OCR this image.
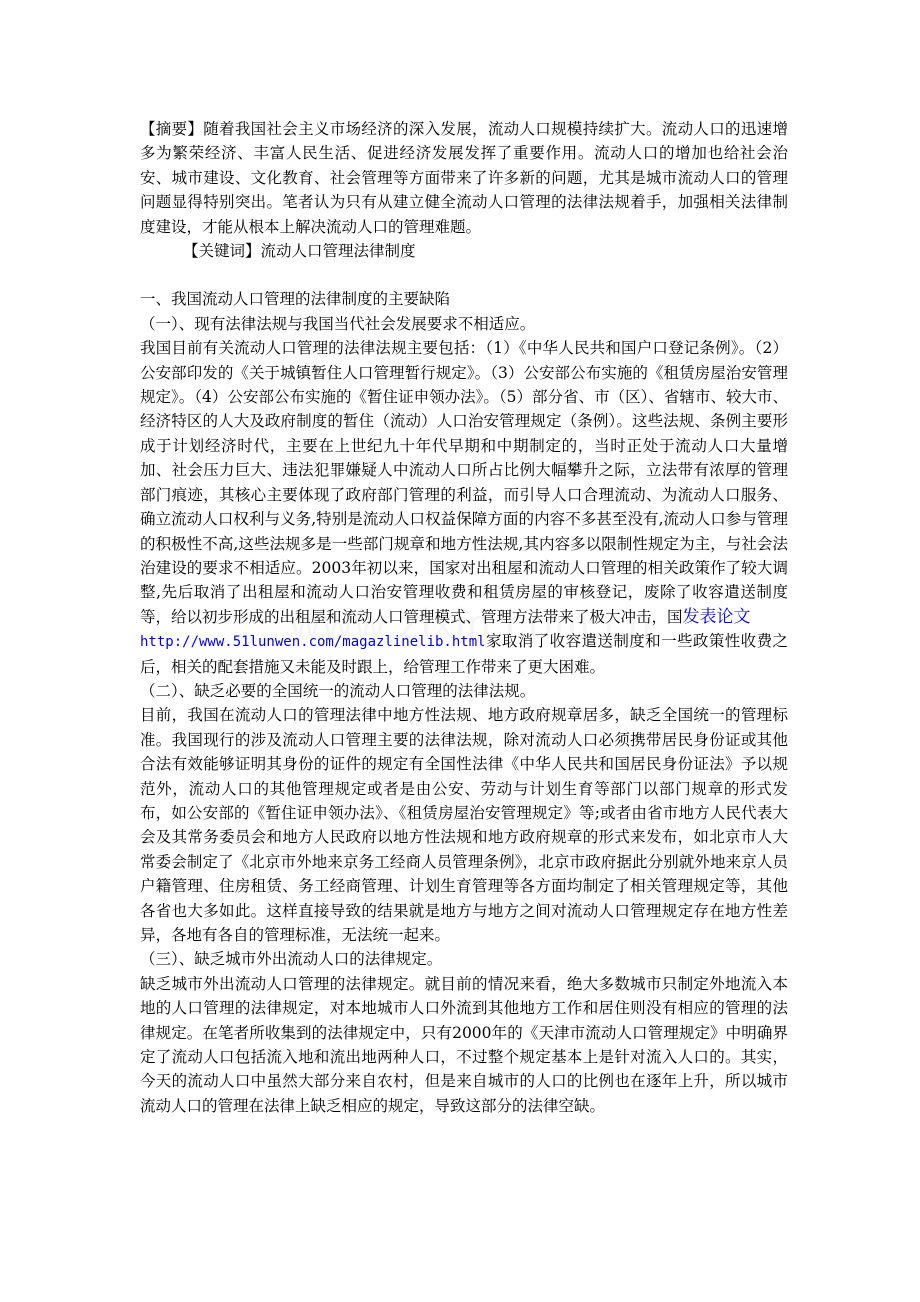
【摘要】随着我国社会主义市场经济的深入发展，流动人口规模持续扩大。流动人口的迅速增多为繁荣经济、丰富人民生活、促进经济发展发挥了重要作用。流动人口的增加也给社会治安、城市建设、文化教育、社会管理等方面带来了许多新的问题，尤其是城市流动人口的管理问题显得特别突出。笔者认为只有从建立健全流动人口管理的法律法规着手，加强相关法律制度建设，才能从根本上解决流动人口的管理难题。

【关键词】流动人口管理法律制度

一、我国流动人口管理的法律制度的主要缺陷

（一）、现有法律法规与我国当代社会发展要求不相适应。

我国目前有关流动人口管理的法律法规主要包括：（1）《中华人民共和国户口登记条例》。（2）公安部印发的《关于城镇暂住人口管理暂行规定》。（3）公安部公布实施的《租赁房屋治安管理规定》。（4）公安部公布实施的《暂住证申领办法》。（5）部分省、市（区）、省辖市、较大市、经济特区的人大及政府制度的暂住（流动）人口治安管理规定（条例）。这些法规、条例主要形成于计划经济时代，主要在上世纪九十年代早期和中期制定的，当时正处于流动人口大量增加、社会压力巨大、违法犯罪嫌疑人中流动人口所占比例大幅攀升之际，立法带有浓厚的管理部门痕迹，其核心主要体现了政府部门管理的利益，而引导人口合理流动、为流动人口服务、确立流动人口权利与义务,特别是流动人口权益保障方面的内容不多甚至没有,流动人口参与管理的积极性不高,这些法规多是一些部门规章和地方性法规,其内容多以限制性规定为主，与社会法治建设的要求不相适应。2003年初以来，国家对出租屋和流动人口管理的相关政策作了较大调整,先后取消了出租屋和流动人口治安管理收费和租赁房屋的审核登记，废除了收容遣送制度等，给以初步形成的出租屋和流动人口管理模式、管理方法带来了极大冲击，国发表论文
http://www.51lunwen.com/magazlinelib.html家取消了收容遣送制度和一些政策性收费之后，相关的配套措施又未能及时跟上，给管理工作带来了更大困难。

（二）、缺乏必要的全国统一的流动人口管理的法律法规。

目前，我国在流动人口的管理法律中地方性法规、地方政府规章居多，缺乏全国统一的管理标准。我国现行的涉及流动人口管理主要的法律法规，除对流动人口必须携带居民身份证或其他合法有效能够证明其身份的证件的规定有全国性法律《中华人民共和国居民身份证法》予以规范外，流动人口的其他管理规定或者是由公安、劳动与计划生育等部门以部门规章的形式发布，如公安部的《暂住证申领办法》、《租赁房屋治安管理规定》等;或者由省市地方人民代表大会及其常务委员会和地方人民政府以地方性法规和地方政府规章的形式来发布，如北京市人大常委会制定了《北京市外地来京务工经商人员管理条例》，北京市政府据此分别就外地来京人员户籍管理、住房租赁、务工经商管理、计划生育管理等各方面均制定了相关管理规定等，其他各省也大多如此。这样直接导致的结果就是地方与地方之间对流动人口管理规定存在地方性差异，各地有各自的管理标准，无法统一起来。

（三）、缺乏城市外出流动人口的法律规定。

缺乏城市外出流动人口管理的法律规定。就目前的情况来看，绝大多数城市只制定外地流入本地的人口管理的法律规定，对本地城市人口外流到其他地方工作和居住则没有相应的管理的法律规定。在笔者所收集到的法律规定中，只有2000年的《天津市流动人口管理规定》中明确界定了流动人口包括流入地和流出地两种人口，不过整个规定基本上是针对流入人口的。其实，今天的流动人口中虽然大部分来自农村，但是来自城市的人口的比例也在逐年上升，所以城市流动人口的管理在法律上缺乏相应的规定，导致这部分的法律空缺。
